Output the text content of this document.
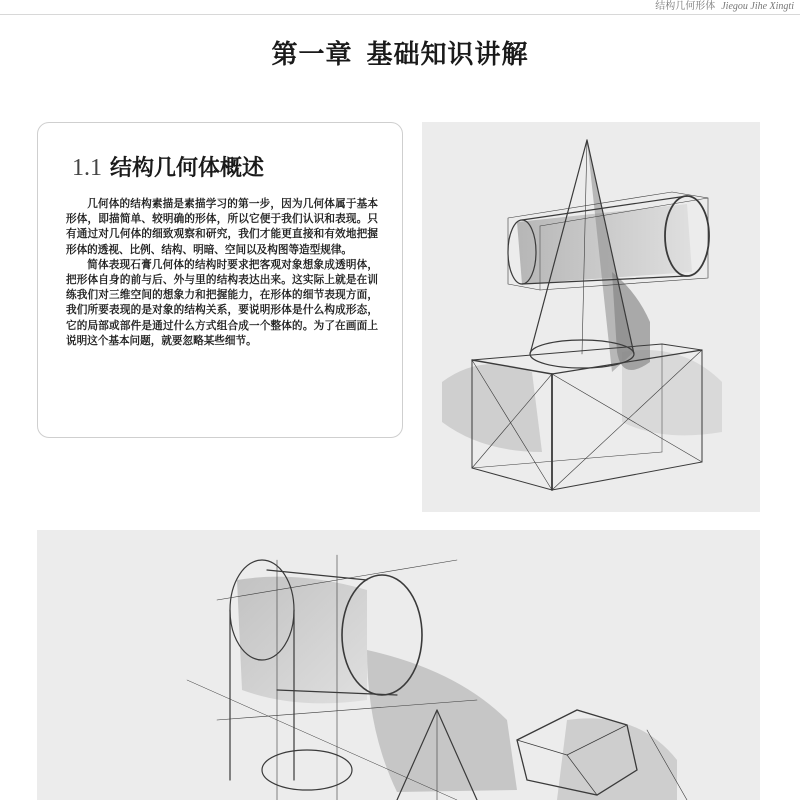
结构几何形体 Jiegou Jihe Xingti
第一章 基础知识讲解
1.1 结构几何体概述

几何体的结构素描是素描学习的第一步，因为几何体属于基本形体，即描简单、较明确的形体，所以它便于我们认识和表现。只有通过对几何体的细致观察和研究，我们才能更直接和有效地把握形体的透视、比例、结构、明暗、空间以及构图等造型规律。

简体表现石膏几何体的结构时要求把客观对象想象成透明体，把形体自身的前与后、外与里的结构表达出来。这实际上就是在训练我们对三维空间的想象力和把握能力，在形体的细节表现方面，我们所要表现的是对象的结构关系，要说明形体是什么构成形态，它的局部或部件是通过什么方式组合成一个整体的。为了在画面上说明这个基本问题，就要忽略某些细节。
